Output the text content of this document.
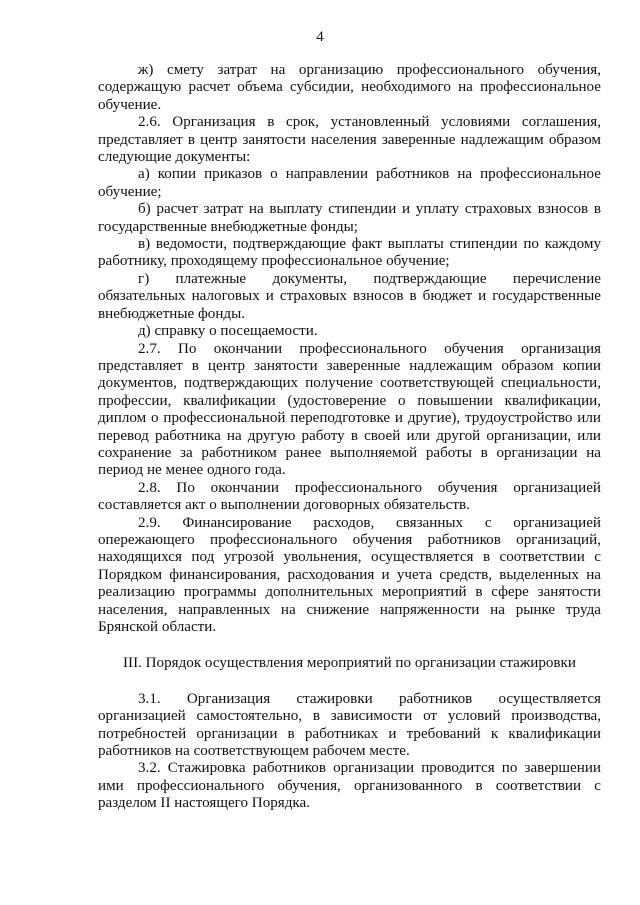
4

ж) смету затрат на организацию профессионального обучения, содержащую расчет объема субсидии, необходимого на профессиональное обучение.

2.6. Организация в срок, установленный условиями соглашения, представляет в центр занятости населения заверенные надлежащим образом следующие документы:

а) копии приказов о направлении работников на профессиональное обучение;

б) расчет затрат на выплату стипендии и уплату страховых взносов в государственные внебюджетные фонды;

в) ведомости, подтверждающие факт выплаты стипендии по каждому работнику, проходящему профессиональное обучение;

г) платежные документы, подтверждающие перечисление обязательных налоговых и страховых взносов в бюджет и государственные внебюджетные фонды.

д) справку о посещаемости.

2.7. По окончании профессионального обучения организация представляет в центр занятости заверенные надлежащим образом копии документов, подтверждающих получение соответствующей специальности, профессии, квалификации (удостоверение о повышении квалификации, диплом о профессиональной переподготовке и другие), трудоустройство или перевод работника на другую работу в своей или другой организации, или сохранение за работником ранее выполняемой работы в организации на период не менее одного года.

2.8. По окончании профессионального обучения организацией составляется акт о выполнении договорных обязательств.

2.9. Финансирование расходов, связанных с организацией опережающего профессионального обучения работников организаций, находящихся под угрозой увольнения, осуществляется в соответствии с Порядком финансирования, расходования и учета средств, выделенных на реализацию программы дополнительных мероприятий в сфере занятости населения, направленных на снижение напряженности на рынке труда Брянской области.

III. Порядок осуществления мероприятий по организации стажировки

3.1. Организация стажировки работников осуществляется организацией самостоятельно, в зависимости от условий производства, потребностей организации в работниках и требований к квалификации работников на соответствующем рабочем месте.

3.2. Стажировка работников организации проводится по завершении ими профессионального обучения, организованного в соответствии с разделом II настоящего Порядка.
